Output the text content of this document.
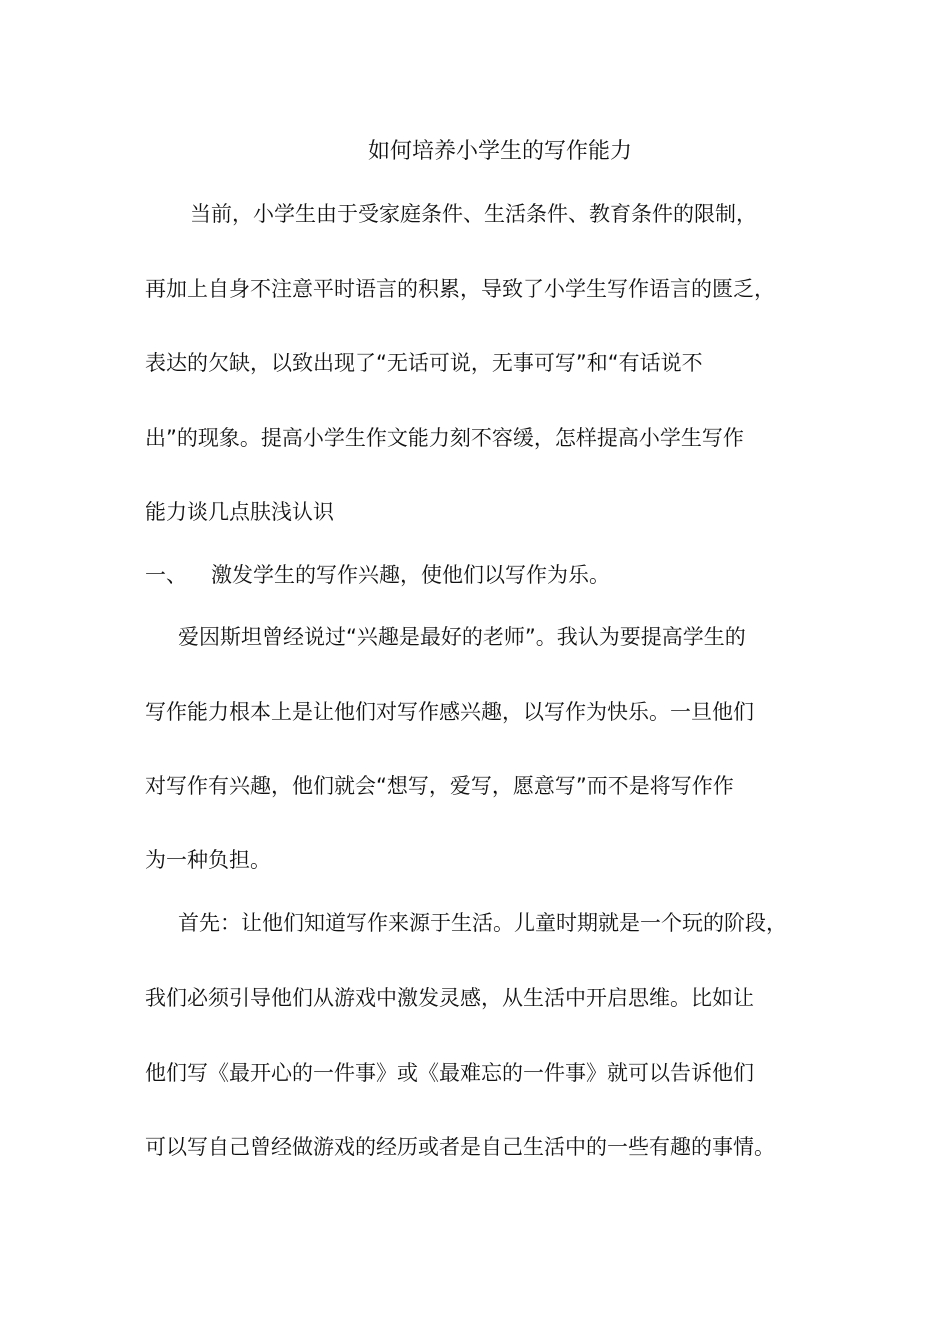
如何培养小学生的写作能力
当前，小学生由于受家庭条件、生活条件、教育条件的限制，
再加上自身不注意平时语言的积累，导致了小学生写作语言的匮乏，
表达的欠缺，以致出现了“无话可说，无事可写”和“有话说不
出”的现象。提高小学生作文能力刻不容缓，怎样提高小学生写作
能力谈几点肤浅认识
一、 激发学生的写作兴趣，使他们以写作为乐。
爱因斯坦曾经说过“兴趣是最好的老师”。我认为要提高学生的
写作能力根本上是让他们对写作感兴趣，以写作为快乐。一旦他们
对写作有兴趣，他们就会“想写，爱写，愿意写”而不是将写作作
为一种负担。
首先：让他们知道写作来源于生活。儿童时期就是一个玩的阶段，
我们必须引导他们从游戏中激发灵感，从生活中开启思维。比如让
他们写《最开心的一件事》或《最难忘的一件事》就可以告诉他们
可以写自己曾经做游戏的经历或者是自己生活中的一些有趣的事情。
